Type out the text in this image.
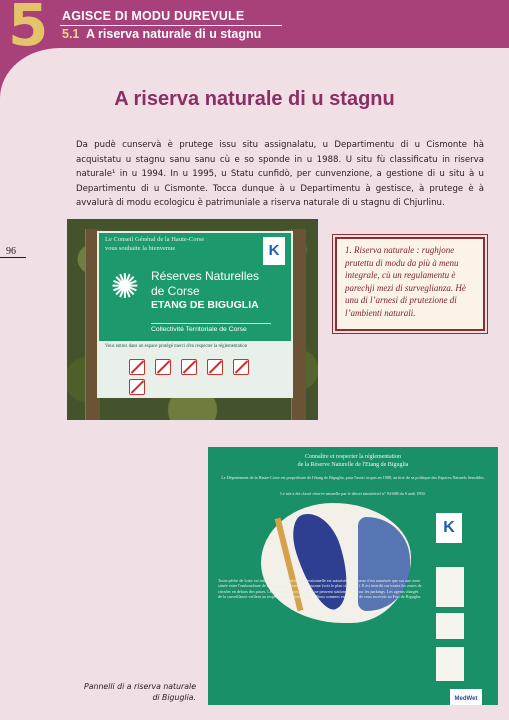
5 AGISCE DI MODU DUREVULE
5.1 A riserva naturale di u stagnu
A riserva naturale di u stagnu
Da pudè cunservà è prutege issu situ assignalatu, u Departimentu di u Cismonte hà acquistatu u stagnu sanu sanu cù e so sponde in u 1988. U situ fù classificatu in riserva naturale¹ in u 1994. In u 1995, u Statu cunfidò, per cunvenzione, a gestione di u situ à u Departimentu di u Cismonte. Tocca dunque à u Departimentu à gestisce, à prutege è à avvalurà di modu ecologicu è patrimuniale a riserva naturale di u stagnu di Chjurlinu.
96
Le Conseil Général de la Haute-Corse
vous souhaite la bienvenue	K
✺ Réserves Naturelles
de Corse
ETANG DE BIGUGLIA
Collectivité Territoriale de Corse
Vous entrez dans un espace protégé merci d'en respecter la réglementation

1. Riserva naturale : rughjone prutettu di modu da più à menu integrale, cù un regulamentu è parechji mezi di surveglianza. Hè unu di l’arnesi di prutezione di l’ambienti naturali.
Connaître et respecter la réglementation
de la Réserve Naturelle de l'Etang de Biguglia
Le Département de la Haute-Corse est propriétaire de l'étang de Biguglia, pour l'avoir acquis en 1988, au titre de sa politique des Espaces Naturels Sensibles.
Le site a été classé réserve naturelle par le décret ministériel n° 94-688 du 9 août 1994.
Toute pêche de loisir est interdite, seule la pêche professionnelle est autorisée. Le chasse n'est autorisée que sur une zone située entre l'embouchure de l'étang et le ruisseau du Fossone (voir le plan ci-contre). Il est interdit sur toutes les zones de circuler en dehors des pistes. Les véhicules non autorisés ne peuvent stationner que sur les parkings. Les agents chargés de la surveillance veillent au respect de la réglementation. Nous sommes en mesure de vous recevoir au Fort de Biguglia.
K
MedWet
Pannelli di a riserva naturale di Biguglia.
